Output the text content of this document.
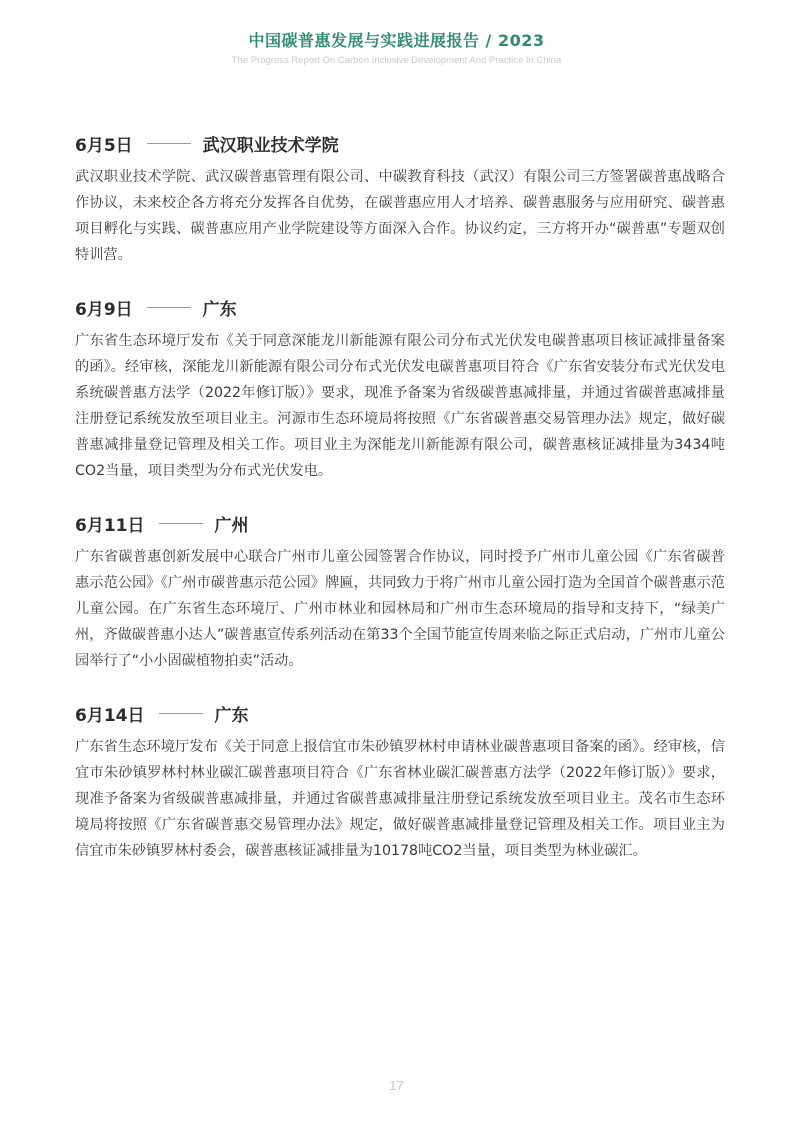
中国碳普惠发展与实践进展报告 / 2023
The Progress Report On Carbon Inclusive Development And Practice In China
6月5日	武汉职业技术学院

武汉职业技术学院、武汉碳普惠管理有限公司、中碳教育科技（武汉）有限公司三方签署碳普惠战略合作协议，未来校企各方将充分发挥各自优势，在碳普惠应用人才培养、碳普惠服务与应用研究、碳普惠项目孵化与实践、碳普惠应用产业学院建设等方面深入合作。协议约定，三方将开办“碳普惠”专题双创特训营。

6月9日	广东

广东省生态环境厅发布《关于同意深能龙川新能源有限公司分布式光伏发电碳普惠项目核证减排量备案的函》。经审核，深能龙川新能源有限公司分布式光伏发电碳普惠项目符合《广东省安装分布式光伏发电系统碳普惠方法学（2022年修订版）》要求，现准予备案为省级碳普惠减排量，并通过省碳普惠减排量注册登记系统发放至项目业主。河源市生态环境局将按照《广东省碳普惠交易管理办法》规定，做好碳普惠减排量登记管理及相关工作。项目业主为深能龙川新能源有限公司，碳普惠核证减排量为3434吨CO2当量，项目类型为分布式光伏发电。

6月11日	广州

广东省碳普惠创新发展中心联合广州市儿童公园签署合作协议，同时授予广州市儿童公园《广东省碳普惠示范公园》《广州市碳普惠示范公园》牌匾，共同致力于将广州市儿童公园打造为全国首个碳普惠示范儿童公园。在广东省生态环境厅、广州市林业和园林局和广州市生态环境局的指导和支持下，“绿美广州，齐做碳普惠小达人”碳普惠宣传系列活动在第33个全国节能宣传周来临之际正式启动，广州市儿童公园举行了“小小固碳植物拍卖”活动。

6月14日	广东

广东省生态环境厅发布《关于同意上报信宜市朱砂镇罗林村申请林业碳普惠项目备案的函》。经审核，信宜市朱砂镇罗林村林业碳汇碳普惠项目符合《广东省林业碳汇碳普惠方法学（2022年修订版）》要求，现准予备案为省级碳普惠减排量，并通过省碳普惠减排量注册登记系统发放至项目业主。茂名市生态环境局将按照《广东省碳普惠交易管理办法》规定，做好碳普惠减排量登记管理及相关工作。项目业主为信宜市朱砂镇罗林村委会，碳普惠核证减排量为10178吨CO2当量，项目类型为林业碳汇。

17
